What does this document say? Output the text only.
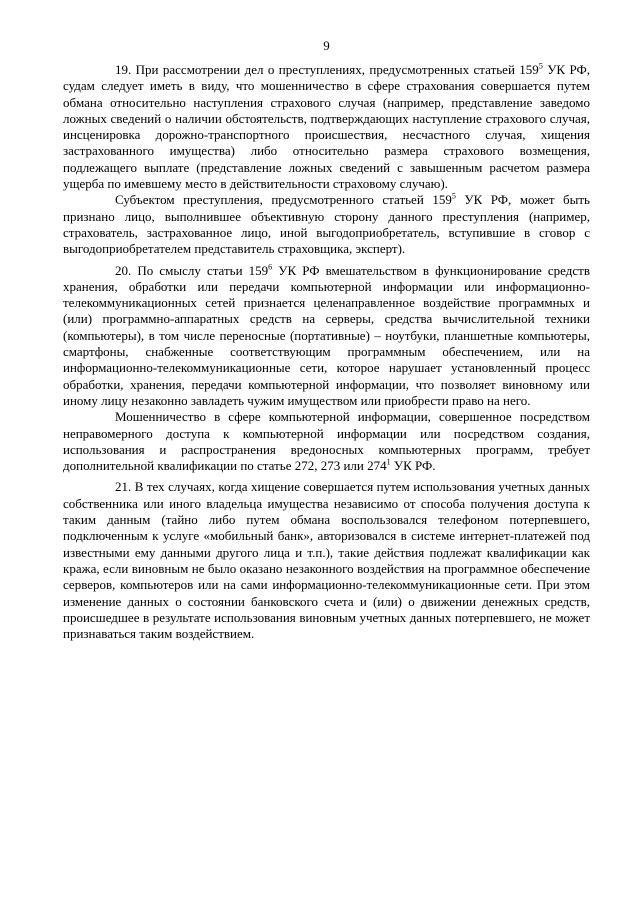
9

19. При рассмотрении дел о преступлениях, предусмотренных статьей $159^5$ УК РФ, судам следует иметь в виду, что мошенничество в сфере страхования совершается путем обмана относительно наступления страхового случая (например, представление заведомо ложных сведений о наличии обстоятельств, подтверждающих наступление страхового случая, инсценировка дорожно-транспортного происшествия, несчастного случая, хищения застрахованного имущества) либо относительно размера страхового возмещения, подлежащего выплате (представление ложных сведений с завышенным расчетом размера ущерба по имевшему место в действительности страховому случаю).

Субъектом преступления, предусмотренного статьей $159^5$ УК РФ, может быть признано лицо, выполнившее объективную сторону данного преступления (например, страхователь, застрахованное лицо, иной выгодоприобретатель, вступившие в сговор с выгодоприобретателем представитель страховщика, эксперт).

20. По смыслу статьи $159^6$ УК РФ вмешательством в функционирование средств хранения, обработки или передачи компьютерной информации или информационно-телекоммуникационных сетей признается целенаправленное воздействие программных и (или) программно-аппаратных средств на серверы, средства вычислительной техники (компьютеры), в том числе переносные (портативные) – ноутбуки, планшетные компьютеры, смартфоны, снабженные соответствующим программным обеспечением, или на информационно-телекоммуникационные сети, которое нарушает установленный процесс обработки, хранения, передачи компьютерной информации, что позволяет виновному или иному лицу незаконно завладеть чужим имуществом или приобрести право на него.

Мошенничество в сфере компьютерной информации, совершенное посредством неправомерного доступа к компьютерной информации или посредством создания, использования и распространения вредоносных компьютерных программ, требует дополнительной квалификации по статье 272, 273 или $274^1$ УК РФ.

21. В тех случаях, когда хищение совершается путем использования учетных данных собственника или иного владельца имущества независимо от способа получения доступа к таким данным (тайно либо путем обмана воспользовался телефоном потерпевшего, подключенным к услуге «мобильный банк», авторизовался в системе интернет-платежей под известными ему данными другого лица и т.п.), такие действия подлежат квалификации как кража, если виновным не было оказано незаконного воздействия на программное обеспечение серверов, компьютеров или на сами информационно-телекоммуникационные сети. При этом изменение данных о состоянии банковского счета и (или) о движении денежных средств, происшедшее в результате использования виновным учетных данных потерпевшего, не может признаваться таким воздействием.
